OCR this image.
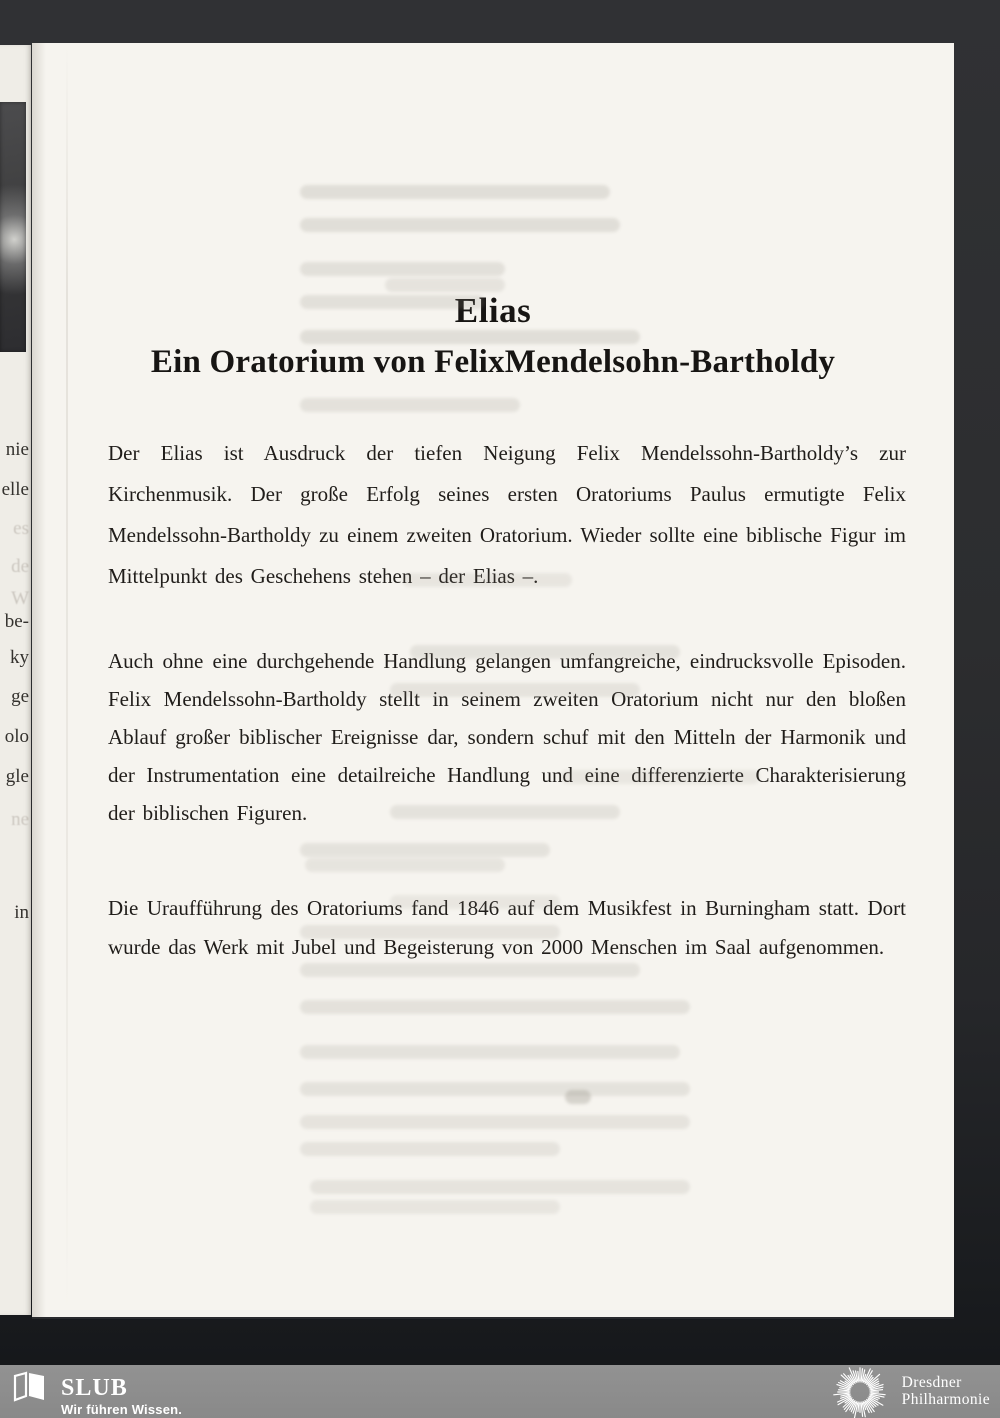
nie
elle
es
de
W
be-
ky
ge
olo
gle
ne
in
Elias
Ein Oratorium von FelixMendelsohn-Bartholdy

Der Elias ist Ausdruck der tiefen Neigung Felix Mendelssohn-Bartholdy’s zur Kirchenmusik. Der große Erfolg seines ersten Oratoriums Paulus ermutigte Felix Mendelssohn-Bartholdy zu einem zweiten Oratorium. Wieder sollte eine biblische Figur im Mittelpunkt des Geschehens stehen – der Elias –.

Auch ohne eine durchgehende Handlung gelangen umfangreiche, eindrucksvolle Episoden. Felix Mendelssohn-Bartholdy stellt in seinem zweiten Oratorium nicht nur den bloßen Ablauf großer biblischer Ereignisse dar, sondern schuf mit den Mitteln der Harmonik und der Instrumentation eine detailreiche Handlung und eine differenzierte Charakterisierung der biblischen Figuren.

Die Uraufführung des Oratoriums fand 1846 auf dem Musikfest in Burningham statt. Dort wurde das Werk mit Jubel und Begeisterung von 2000 Menschen im Saal aufgenommen.

SLUB
Wir führen Wissen.
Dresdner
Philharmonie
